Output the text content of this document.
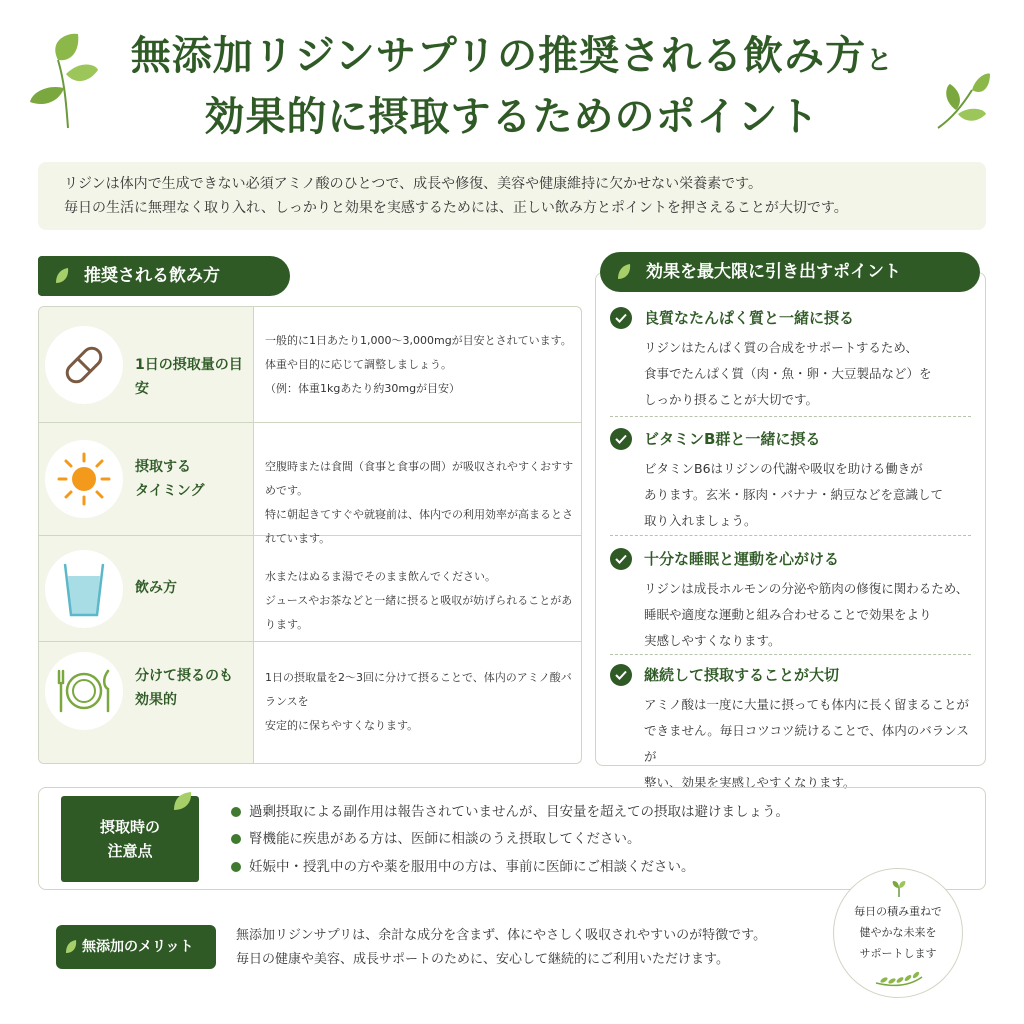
無添加リジンサプリの推奨される飲み方と
効果的に摂取するためのポイント
リジンは体内で生成できない必須アミノ酸のひとつで、成長や修復、美容や健康維持に欠かせない栄養素です。
毎日の生活に無理なく取り入れ、しっかりと効果を実感するためには、正しい飲み方とポイントを押さえることが大切です。
推奨される飲み方
1日の摂取量の目安
一般的に1日あたり1,000〜3,000mgが目安とされています。
体重や目的に応じて調整しましょう。
（例：体重1kgあたり約30mgが目安）
摂取する
タイミング
空腹時または食間（食事と食事の間）が吸収されやすくおすすめです。
特に朝起きてすぐや就寝前は、体内での利用効率が高まるとされています。
飲み方
水またはぬるま湯でそのまま飲んでください。
ジュースやお茶などと一緒に摂ると吸収が妨げられることがあります。
分けて摂るのも
効果的
1日の摂取量を2〜3回に分けて摂ることで、体内のアミノ酸バランスを
安定的に保ちやすくなります。
良質なたんぱく質と一緒に摂る
リジンはたんぱく質の合成をサポートするため、
食事でたんぱく質（肉・魚・卵・大豆製品など）を
しっかり摂ることが大切です。
ビタミンB群と一緒に摂る
ビタミンB6はリジンの代謝や吸収を助ける働きが
あります。玄米・豚肉・バナナ・納豆などを意識して
取り入れましょう。
十分な睡眠と運動を心がける
リジンは成長ホルモンの分泌や筋肉の修復に関わるため、
睡眠や適度な運動と組み合わせることで効果をより
実感しやすくなります。
継続して摂取することが大切
アミノ酸は一度に大量に摂っても体内に長く留まることが
できません。毎日コツコツ続けることで、体内のバランスが
整い、効果を実感しやすくなります。
効果を最大限に引き出すポイント
摂取時の
注意点
過剰摂取による副作用は報告されていませんが、目安量を超えての摂取は避けましょう。
腎機能に疾患がある方は、医師に相談のうえ摂取してください。
妊娠中・授乳中の方や薬を服用中の方は、事前に医師にご相談ください。
無添加のメリット
無添加リジンサプリは、余計な成分を含まず、体にやさしく吸収されやすいのが特徴です。
毎日の健康や美容、成長サポートのために、安心して継続的にご利用いただけます。
毎日の積み重ねで
健やかな未来を
サポートします
